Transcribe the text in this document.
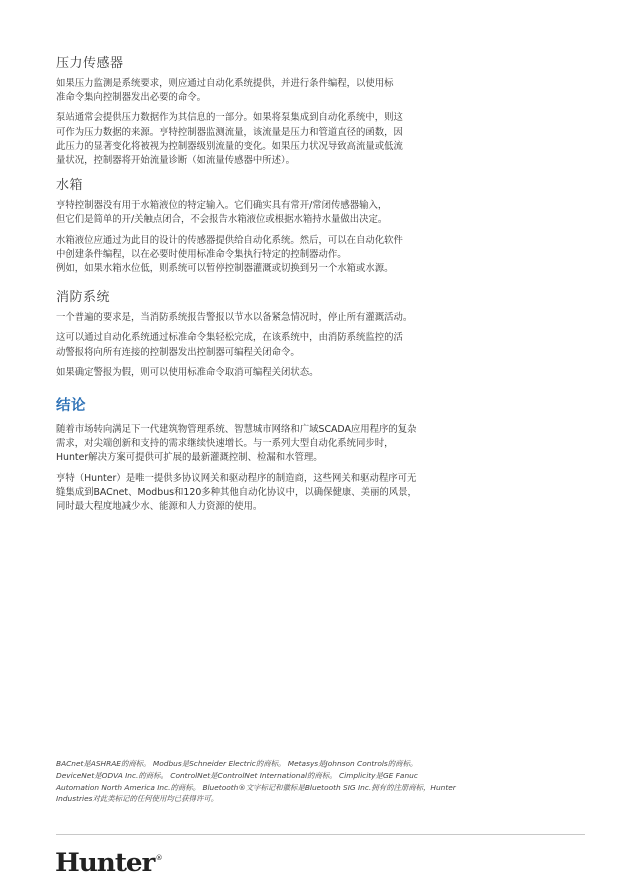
压力传感器

如果压力监测是系统要求，则应通过自动化系统提供，并进行条件编程，以使用标
准命令集向控制器发出必要的命令。

泵站通常会提供压力数据作为其信息的一部分。如果将泵集成到自动化系统中，则这
可作为压力数据的来源。亨特控制器监测流量，该流量是压力和管道直径的函数，因
此压力的显著变化将被视为控制器级别流量的变化。如果压力状况导致高流量或低流
量状况，控制器将开始流量诊断（如流量传感器中所述）。

水箱

亨特控制器没有用于水箱液位的特定输入。它们确实具有常开/常闭传感器输入，
但它们是简单的开/关触点闭合，不会报告水箱液位或根据水箱持水量做出决定。

水箱液位应通过为此目的设计的传感器提供给自动化系统。然后，可以在自动化软件
中创建条件编程，以在必要时使用标准命令集执行特定的控制器动作。

例如，如果水箱水位低，则系统可以暂停控制器灌溉或切换到另一个水箱或水源。

消防系统

一个普遍的要求是，当消防系统报告警报以节水以备紧急情况时，停止所有灌溉活动。

这可以通过自动化系统通过标准命令集轻松完成，在该系统中，由消防系统监控的活
动警报将向所有连接的控制器发出控制器可编程关闭命令。

如果确定警报为假，则可以使用标准命令取消可编程关闭状态。

结论

随着市场转向满足下一代建筑物管理系统、智慧城市网络和广域SCADA应用程序的复杂
需求，对尖端创新和支持的需求继续快速增长。与一系列大型自动化系统同步时，
Hunter解决方案可提供可扩展的最新灌溉控制、检漏和水管理。

亨特（Hunter）是唯一提供多协议网关和驱动程序的制造商，这些网关和驱动程序可无
缝集成到BACnet、Modbus和120多种其他自动化协议中，以确保健康、美丽的风景，
同时最大程度地减少水、能源和人力资源的使用。

BACnet是ASHRAE的商标。 Modbus是Schneider Electric的商标。 Metasys是Johnson Controls的商标。
DeviceNet是ODVA Inc.的商标。 ControlNet是ControlNet International的商标。 Cimplicity是GE Fanuc
Automation North America Inc.的商标。 Bluetooth®文字标记和徽标是Bluetooth SIG Inc.拥有的注册商标，Hunter
Industries对此类标记的任何使用均已获得许可。
Hunter ®
